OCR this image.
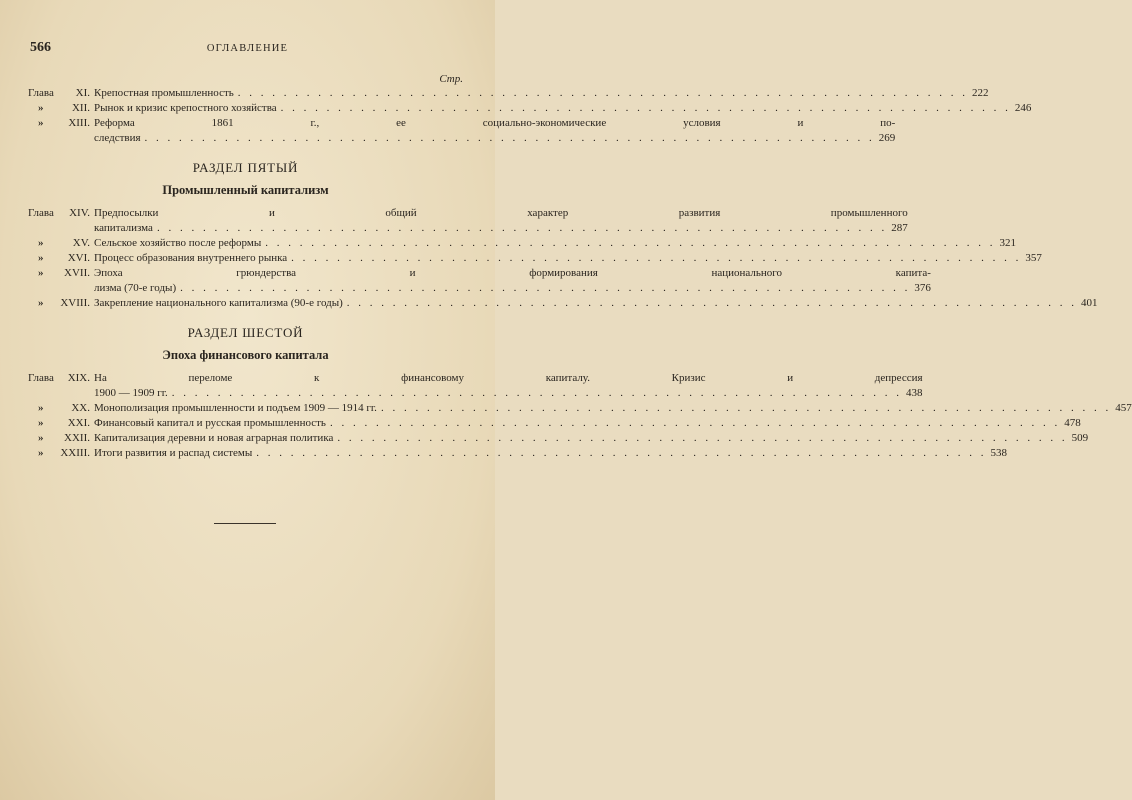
566	ОГЛАВЛЕНИЕ
Стр.
Глава XI. Крепостная промышленность . . .	222
»	XII. Рынок и кризис крепостного хозяйства . . .	246
» XIII. Реформа 1861 г., ее социально-экономические условия и по-
следствия . . .	269
РАЗДЕЛ ПЯТЫЙ
Промышленный капитализм
Глава XIV. Предпосылки и общий характер развития промышленного
капитализма . . .	287
»	XV. Сельское хозяйство после реформы . . .	321
» XVI. Процесс образования внутреннего рынка . . .	357
» XVII. Эпоха грюндерства и формирования национального капита-
лизма (70-е годы) . . .	376
» XVIII. Закрепление национального капитализма (90-е годы) . . .	401
РАЗДЕЛ ШЕСТОЙ
Эпоха финансового капитала
Глава XIX. На переломе к финансовому капиталу. Кризис и депрессия
1900 — 1909 гг. . . .	438
»	XX. Монополизация промышленности и подъем 1909 — 1914 гг. . . .	457
» XXI. Финансовый капитал и русская промышленность . . .	478
» XXII. Капитализация деревни и новая аграрная политика . . .	509
» XXIII. Итоги развития и распад системы . . .	538
